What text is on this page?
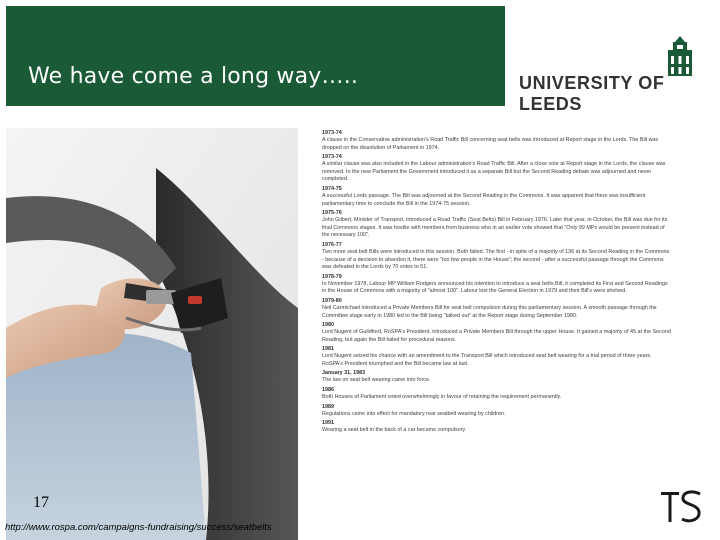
We have come a long way…..	UNIVERSITY OF LEEDS
17
http://www.rospa.com/campaigns-fundraising/success/seatbelts
1973-74
A clause in the Conservative administration's Road Traffic Bill concerning seat belts was introduced at Report stage in the Lords. The Bill was dropped on the dissolution of Parliament in 1974.
1973-74
A similar clause was also included in the Labour administration's Road Traffic Bill. After a close vote at Report stage in the Lords, the clause was removed. In the new Parliament the Government introduced it as a separate Bill but the Second Reading debate was adjourned and never completed.
1974-75
A successful Lords passage. The Bill was adjourned at the Second Reading in the Commons. It was apparent that there was insufficient parliamentary time to conclude the Bill in the 1974-75 session.
1975-76
John Gilbert, Minister of Transport, introduced a Road Traffic (Seat Belts) Bill in February 1976. Later that year, in October, the Bill was due for its final Commons stages. It was hostile with members from business who in an earlier vote showed that "Only 99 MPs would be present instead of the necessary 100".
1976-77
Two more seat belt Bills were introduced in this session. Both failed. The first - in spite of a majority of 136 at its Second Reading in the Commons - because of a decision to abandon it, there were "too few people in the House"; the second - after a successful passage through the Commons was defeated in the Lords by 70 votes to 51.
1978-79
In November 1978, Labour MP William Rodgers announced his intention to introduce a seat belts Bill, it completed its First and Second Readings in the House of Commons with a majority of "almost 100". Labour lost the General Election in 1979 and their Bill's were shelved.
1979-80
Neil Carmichael introduced a Private Members Bill for seat belt compulsion during this parliamentary session. A smooth passage through the Committee stage early in 1980 led to the Bill being "talked out" at the Report stage during September 1980.
1980
Lord Nugent of Guildford, RoSPA's President, introduced a Private Members Bill through the upper House. It gained a majority of 45 at the Second Reading, but again the Bill failed for procedural reasons.
1981
Lord Nugent seized his chance with an amendment to the Transport Bill which introduced seat belt wearing for a trial period of three years. RoSPA's President triumphed and the Bill became law at last.
January 31, 1983
The law on seat belt wearing came into force.
1986
Both Houses of Parliament voted overwhelmingly in favour of retaining the requirement permanently.
1989
Regulations came into effect for mandatory rear seatbelt wearing by children.
1991
Wearing a seat belt in the back of a car became compulsory.
